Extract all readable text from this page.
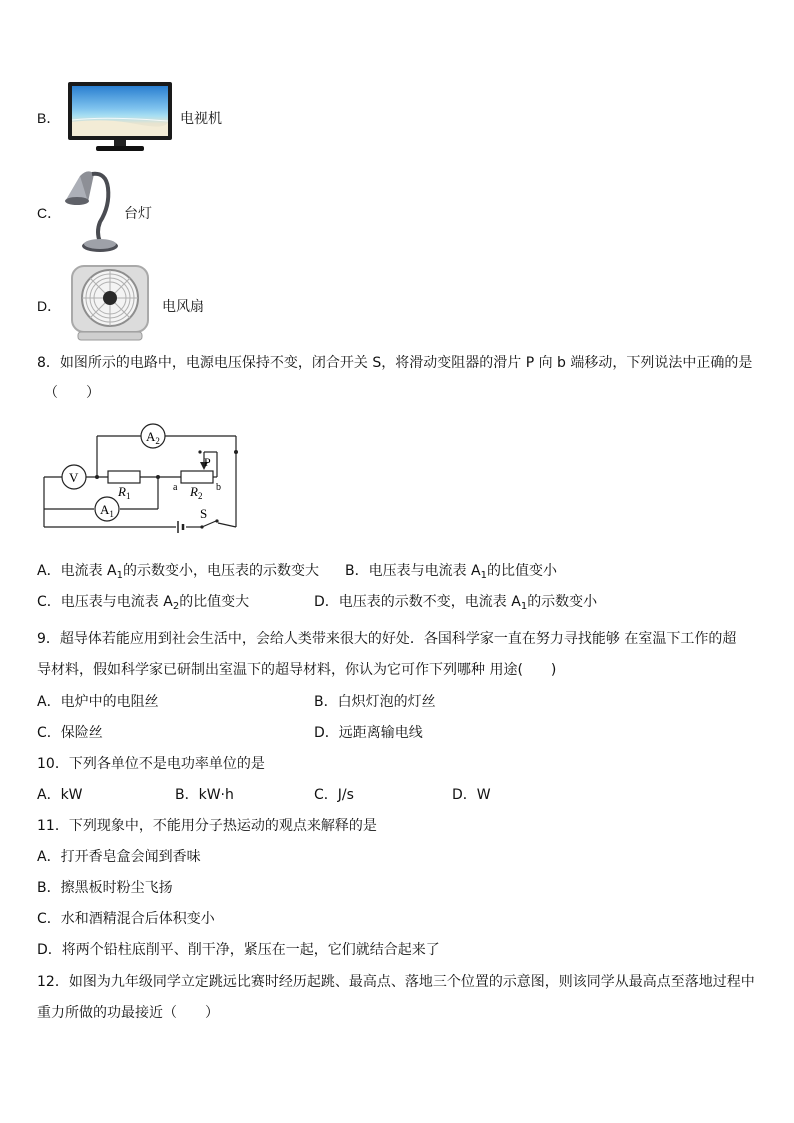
B．	电视机
C．	台灯
D．	电风扇
8．如图所示的电路中，电源电压保持不变，闭合开关 S，将滑动变阻器的滑片 P 向 b 端移动，下列说法中正确的是
（　　）
$A_2$
V
$A_1$
$R_1$	$R_2$
P
a	b
S
A．电流表 $A_1$的示数变小，电压表的示数变大 B．电压表与电流表 $A_1$的比值变小
C．电压表与电流表 $A_2$的比值变大	D．电压表的示数不变，电流表 $A_1$的示数变小
9．超导体若能应用到社会生活中，会给人类带来很大的好处．各国科学家一直在努力寻找能够 在室温下工作的超
导材料，假如科学家已研制出室温下的超导材料，你认为它可作下列哪种 用途(　　)
A．电炉中的电阻丝	B．白炽灯泡的灯丝
C．保险丝	D．远距离输电线
10．下列各单位不是电功率单位的是
A．kW	B．kW·h	C．J/s	D．W
11．下列现象中，不能用分子热运动的观点来解释的是
A．打开香皂盒会闻到香味
B．擦黑板时粉尘飞扬
C．水和酒精混合后体积变小
D．将两个铅柱底削平、削干净，紧压在一起，它们就结合起来了
12．如图为九年级同学立定跳远比赛时经历起跳、最高点、落地三个位置的示意图，则该同学从最高点至落地过程中
重力所做的功最接近（　　）
